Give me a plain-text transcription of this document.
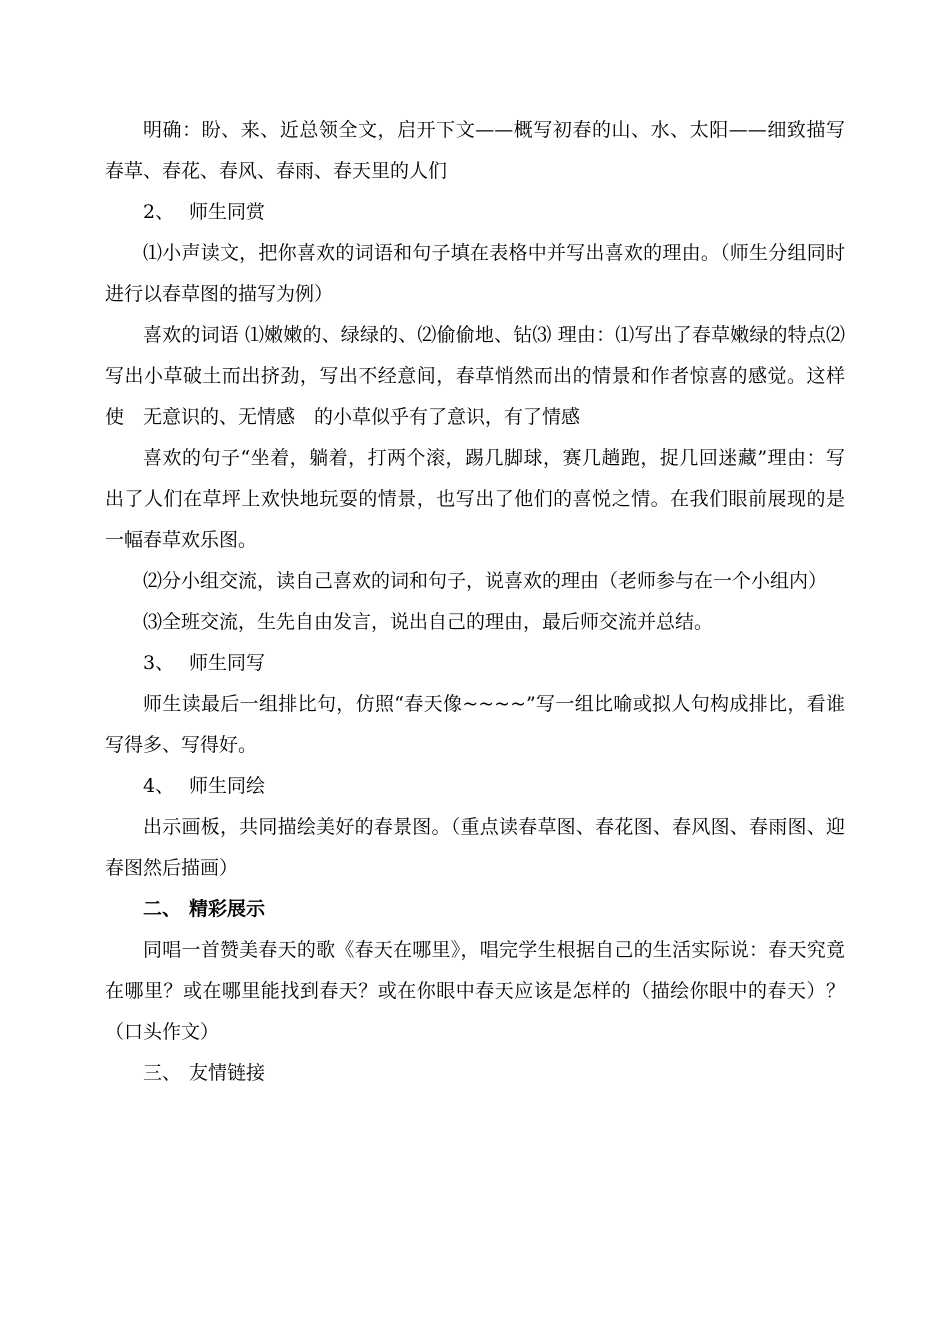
明确：盼、来、近总领全文，启开下文——概写初春的山、水、太阳——细致描写春草、春花、春风、春雨、春天里的人们

2、 师生同赏

⑴小声读文，把你喜欢的词语和句子填在表格中并写出喜欢的理由。（师生分组同时进行以春草图的描写为例）

喜欢的词语 ⑴嫩嫩的、绿绿的、⑵偷偷地、钻⑶ 理由：⑴写出了春草嫩绿的特点⑵写出小草破土而出挤劲，写出不经意间，春草悄然而出的情景和作者惊喜的感觉。这样使　无意识的、无情感　的小草似乎有了意识，有了情感

喜欢的句子“坐着，躺着，打两个滚，踢几脚球，赛几趟跑，捉几回迷藏”理由：写出了人们在草坪上欢快地玩耍的情景，也写出了他们的喜悦之情。在我们眼前展现的是一幅春草欢乐图。

⑵分小组交流，读自己喜欢的词和句子，说喜欢的理由（老师参与在一个小组内）

⑶全班交流，生先自由发言，说出自己的理由，最后师交流并总结。

3、 师生同写

师生读最后一组排比句，仿照“春天像~~~~”写一组比喻或拟人句构成排比，看谁写得多、写得好。

4、 师生同绘

出示画板，共同描绘美好的春景图。（重点读春草图、春花图、春风图、春雨图、迎春图然后描画）

二、 精彩展示

同唱一首赞美春天的歌《春天在哪里》，唱完学生根据自己的生活实际说：春天究竟在哪里？或在哪里能找到春天？或在你眼中春天应该是怎样的（描绘你眼中的春天）？（口头作文）

三、 友情链接
